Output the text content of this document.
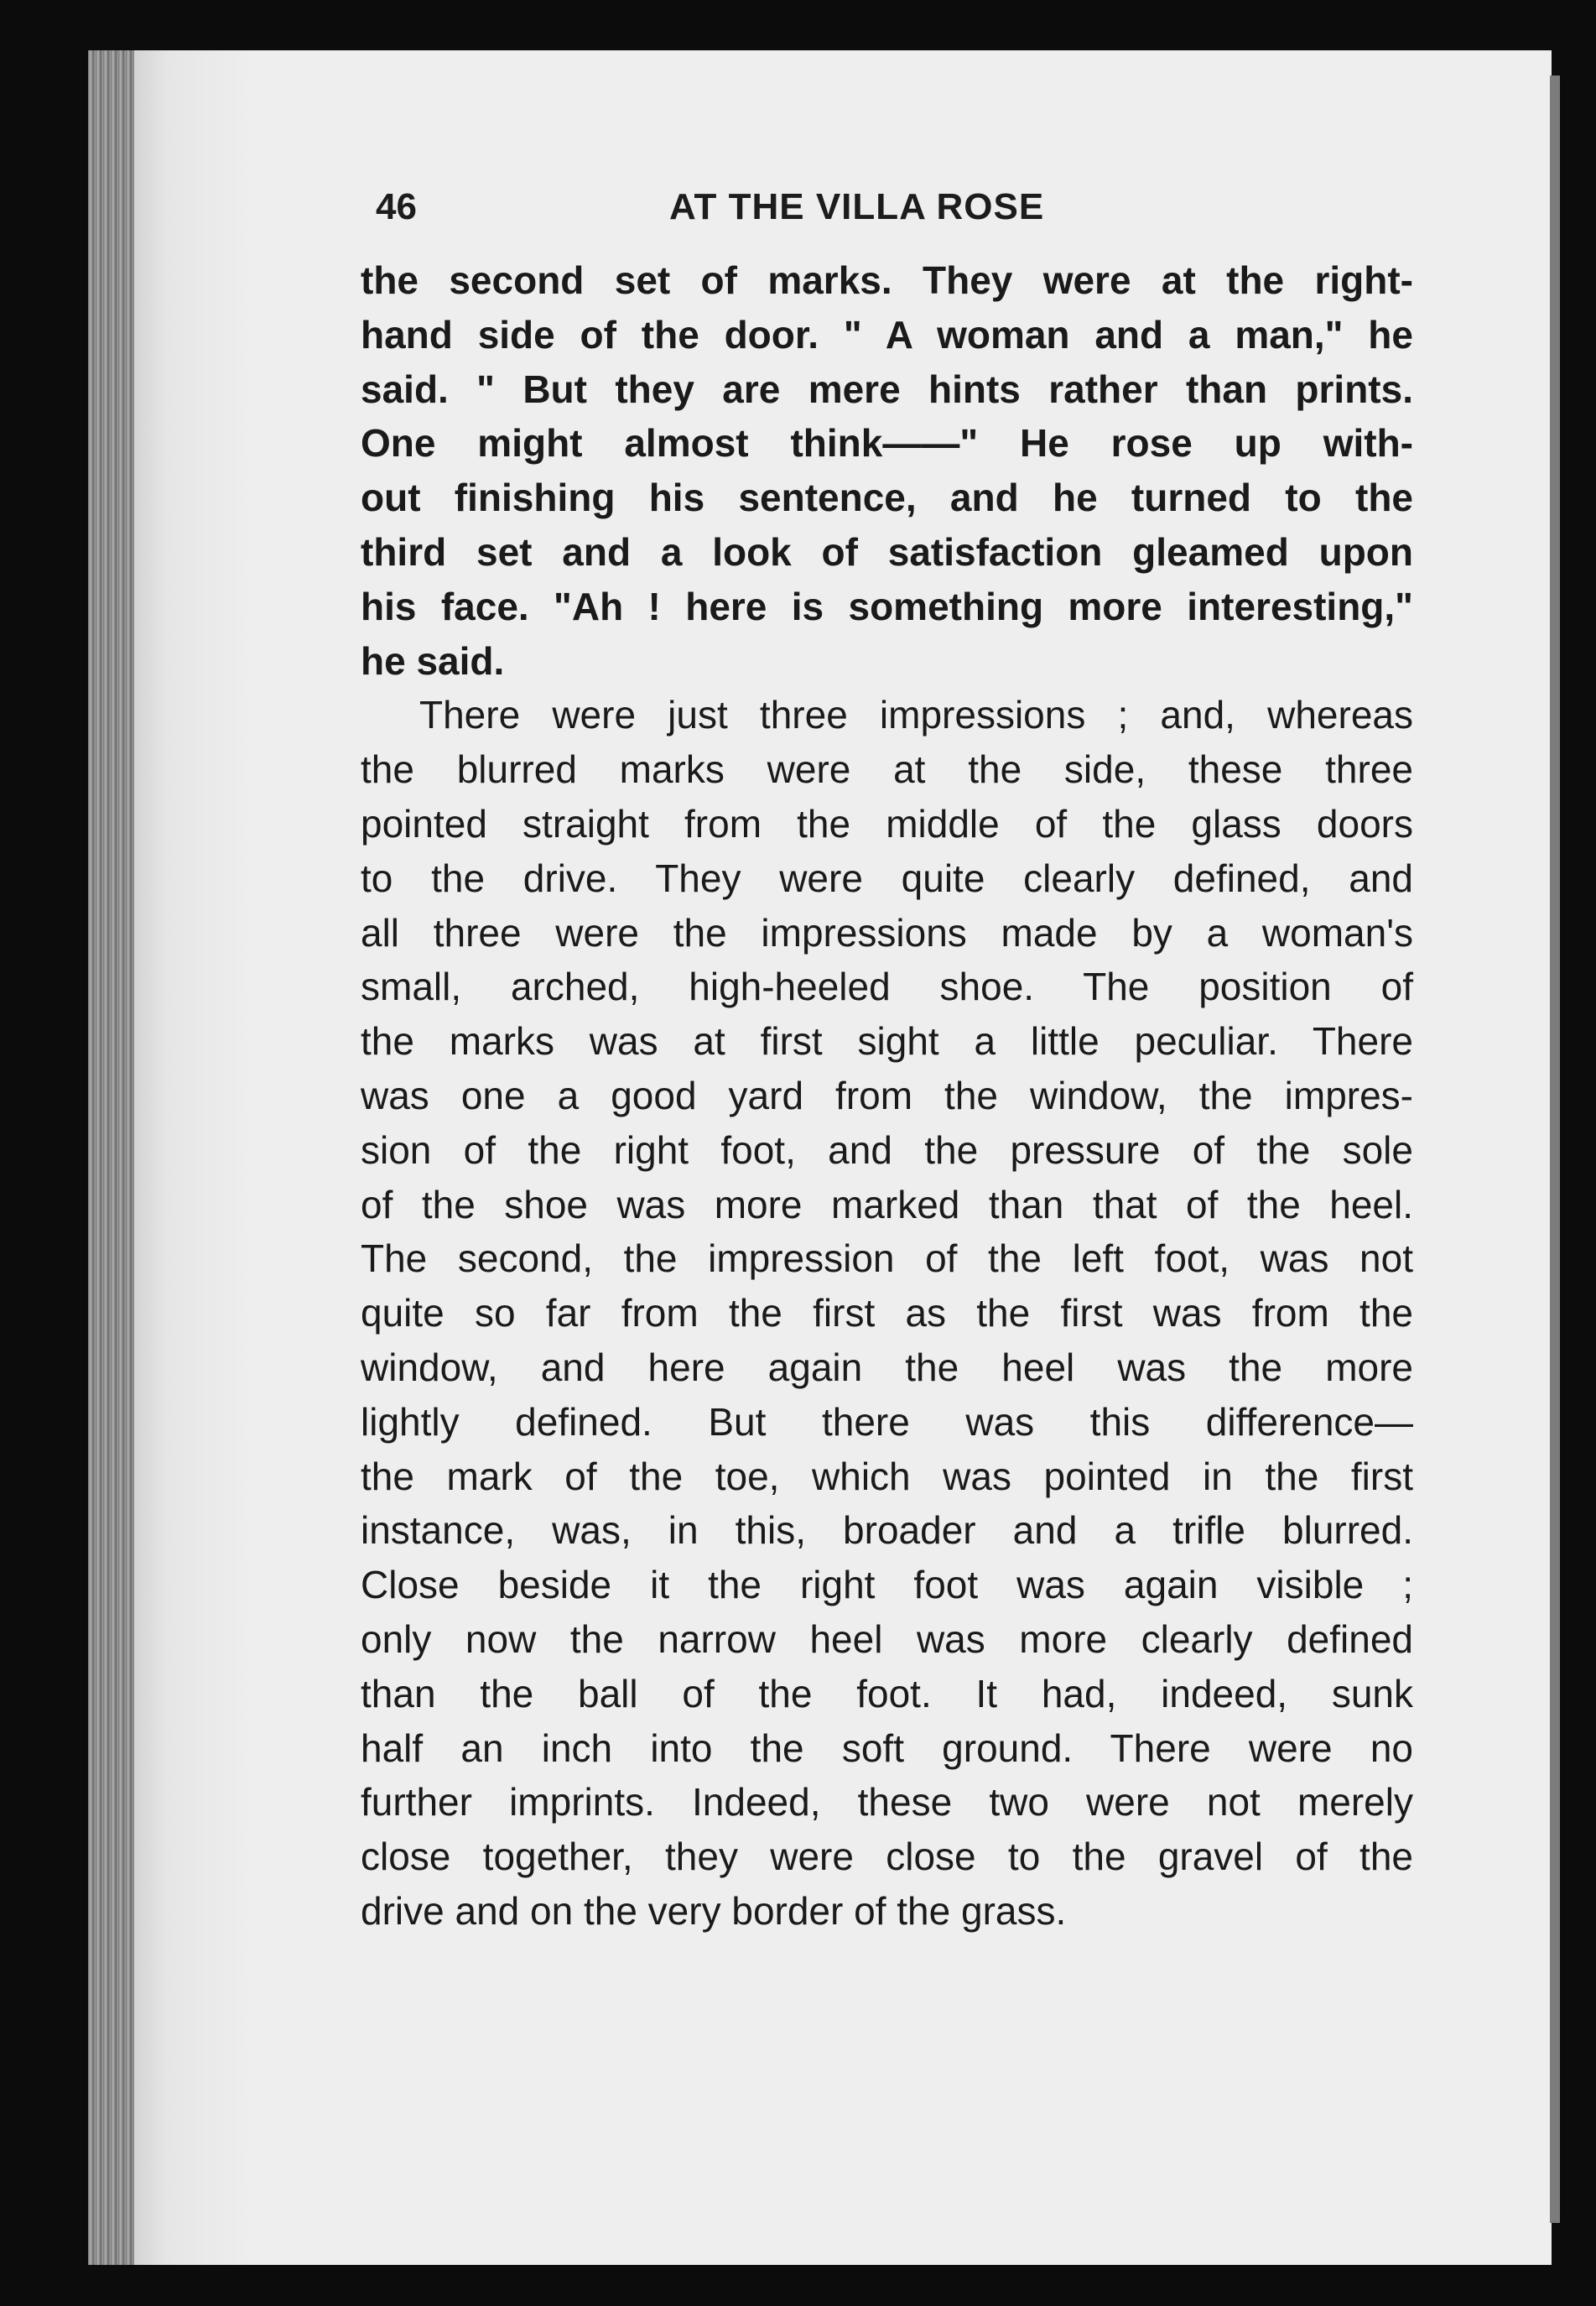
46	AT THE VILLA ROSE
the second set of marks. They were at the right-
hand side of the door. " A woman and a man," he
said. " But they are mere hints rather than prints.
One might almost think——" He rose up with-
out finishing his sentence, and he turned to the
third set and a look of satisfaction gleamed upon
his face. "Ah ! here is something more interesting,"
he said.
There were just three impressions ; and, whereas
the blurred marks were at the side, these three
pointed straight from the middle of the glass doors
to the drive. They were quite clearly defined, and
all three were the impressions made by a woman's
small, arched, high-heeled shoe. The position of
the marks was at first sight a little peculiar. There
was one a good yard from the window, the impres-
sion of the right foot, and the pressure of the sole
of the shoe was more marked than that of the heel.
The second, the impression of the left foot, was not
quite so far from the first as the first was from the
window, and here again the heel was the more
lightly defined. But there was this difference—
the mark of the toe, which was pointed in the first
instance, was, in this, broader and a trifle blurred.
Close beside it the right foot was again visible ;
only now the narrow heel was more clearly defined
than the ball of the foot. It had, indeed, sunk
half an inch into the soft ground. There were no
further imprints. Indeed, these two were not merely
close together, they were close to the gravel of the
drive and on the very border of the grass.
